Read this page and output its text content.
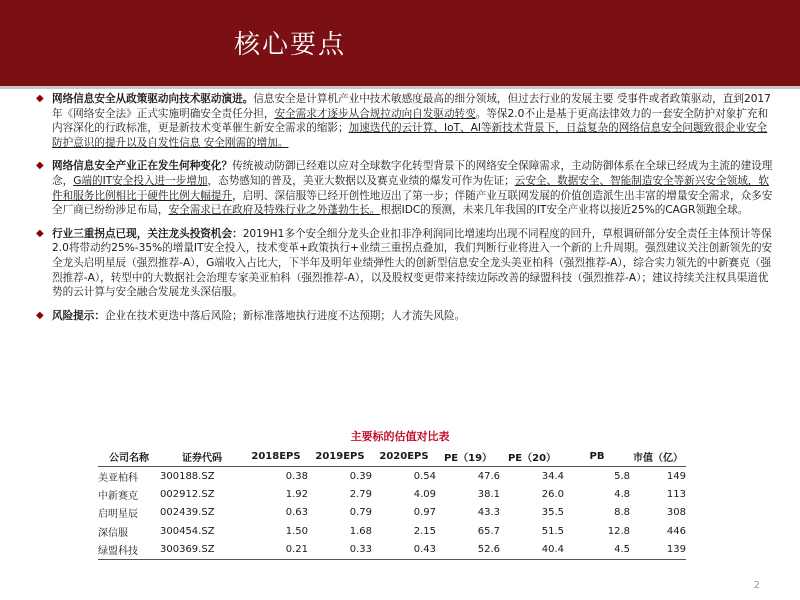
核心要点

◆ 网络信息安全从政策驱动向技术驱动演进。信息安全是计算机产业中技术敏感度最高的细分领域，但过去行业的发展主要 受事件或者政策驱动，直到2017年《网络安全法》正式实施明确安全责任分担，安全需求才逐步从合规拉动向自发驱动转变。等保2.0不止是基于更高法律效力的一套安全防护对象扩充和内容深化的行政标准，更是新技术变革催生新安全需求的缩影；加速迭代的云计算、IoT、AI等新技术背景下，日益复杂的网络信息安全问题致很企业安全防护意识的提升以及自发性信息 安全刚需的增加。

◆ 网络信息安全产业正在发生何种变化？传统被动防御已经难以应对全球数字化转型背景下的网络安全保障需求，主动防御体系在全球已经成为主流的建设理念，G端的IT安全投入进一步增加，态势感知的普及，美亚大数据以及赛克业绩的爆发可作为佐证；云安全、数据安全、智能制造安全等新兴安全领域，软件和服务比例相比于硬件比例大幅提升，启明、深信服等已经开创性地迈出了第一步；伴随产业互联网发展的价值创造派生出丰富的增量安全需求，众多安全厂商已纷纷涉足布局，安全需求已在政府及特殊行业之外蓬勃生长。根据IDC的预测，未来几年我国的IT安全产业将以接近25%的CAGR领跑全球。

◆ 行业三重拐点已现，关注龙头投资机会：2019H1多个安全细分龙头企业扣非净利润同比增速均出现不同程度的回升，草根调研部分安全责任主体预计等保2.0将带动约25%-35%的增量IT安全投入，技术变革+政策执行+业绩三重拐点叠加，我们判断行业将进入一个新的上升周期。强烈建议关注创新领先的安全龙头启明星辰（强烈推荐-A），G端收入占比大，下半年及明年业绩弹性大的创新型信息安全龙头美亚柏科（强烈推荐-A），综合实力领先的中新赛克（强烈推荐-A），转型中的大数据社会治理专家美亚柏科（强烈推荐-A），以及股权变更带来持续边际改善的绿盟科技（强烈推荐-A）；建议持续关注权具渠道优势的云计算与安全融合发展龙头深信服。

◆ 风险提示：企业在技术更迭中落后风险；新标准落地执行进度不达预期；人才流失风险。

主要标的估值对比表
公司名称	证券代码	2018EPS	2019EPS	2020EPS	PE（19）	PE（20）	PB	市值（亿）
美亚柏科	300188.SZ	0.38	0.39	0.54	47.6	34.4	5.8	149
中新赛克	002912.SZ	1.92	2.79	4.09	38.1	26.0	4.8	113
启明星辰	002439.SZ	0.63	0.79	0.97	43.3	35.5	8.8	308
深信服	300454.SZ	1.50	1.68	2.15	65.7	51.5	12.8	446
绿盟科技	300369.SZ	0.21	0.33	0.43	52.6	40.4	4.5	139
2
